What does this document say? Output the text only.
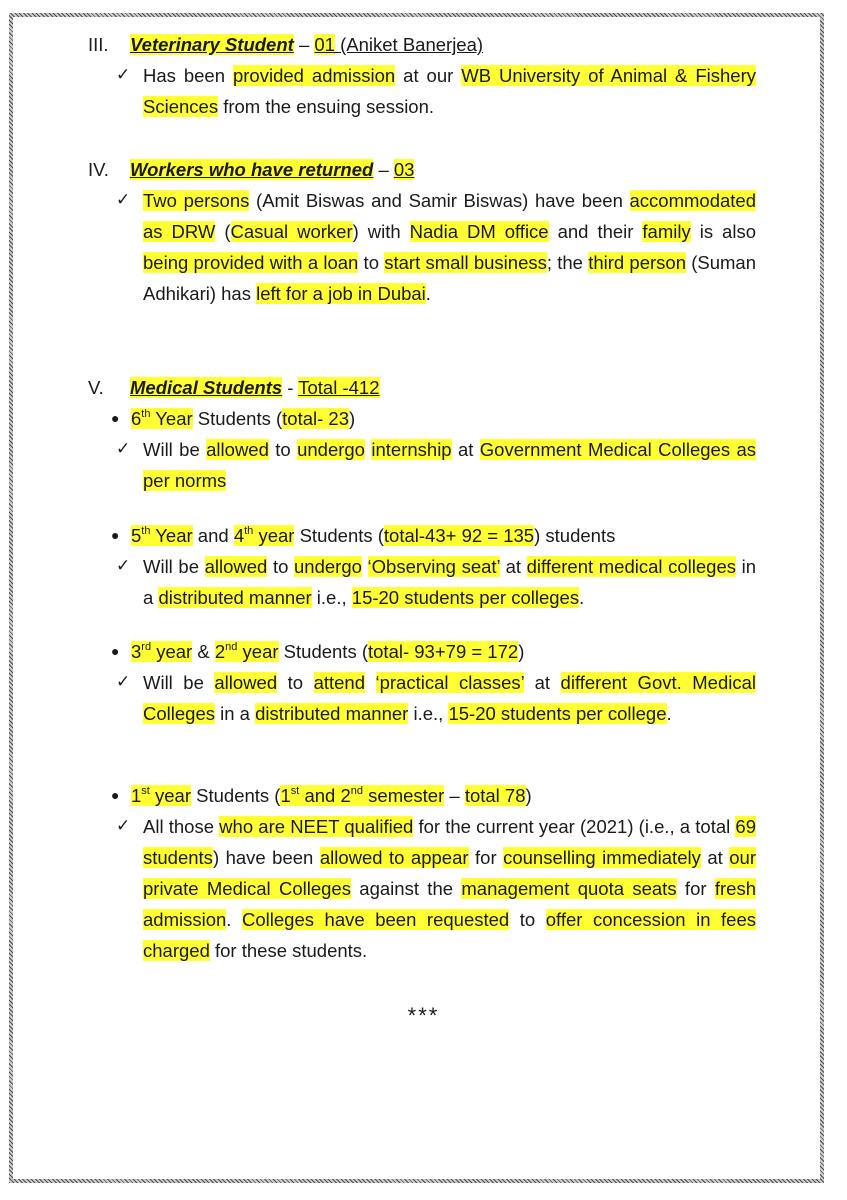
III. Veterinary Student – 01 (Aniket Banerjea)
✓ Has been provided admission at our WB University of Animal & Fishery Sciences from the ensuing session.
IV. Workers who have returned – 03
✓ Two persons (Amit Biswas and Samir Biswas) have been accommodated as DRW (Casual worker) with Nadia DM office and their family is also being provided with a loan to start small business; the third person (Suman Adhikari) has left for a job in Dubai.
V. Medical Students - Total -412
● 6th Year Students (total- 23)
✓ Will be allowed to undergo internship at Government Medical Colleges as per norms
● 5th Year and 4th year Students (total-43+ 92 = 135) students
✓ Will be allowed to undergo ‘Observing seat’ at different medical colleges in a distributed manner i.e., 15-20 students per colleges.
● 3rd year & 2nd year Students (total- 93+79 = 172)
✓ Will be allowed to attend ‘practical classes’ at different Govt. Medical Colleges in a distributed manner i.e., 15-20 students per college.
● 1st year Students (1st and 2nd semester – total 78)
✓ All those who are NEET qualified for the current year (2021) (i.e., a total 69 students) have been allowed to appear for counselling immediately at our private Medical Colleges against the management quota seats for fresh admission. Colleges have been requested to offer concession in fees charged for these students.
***
